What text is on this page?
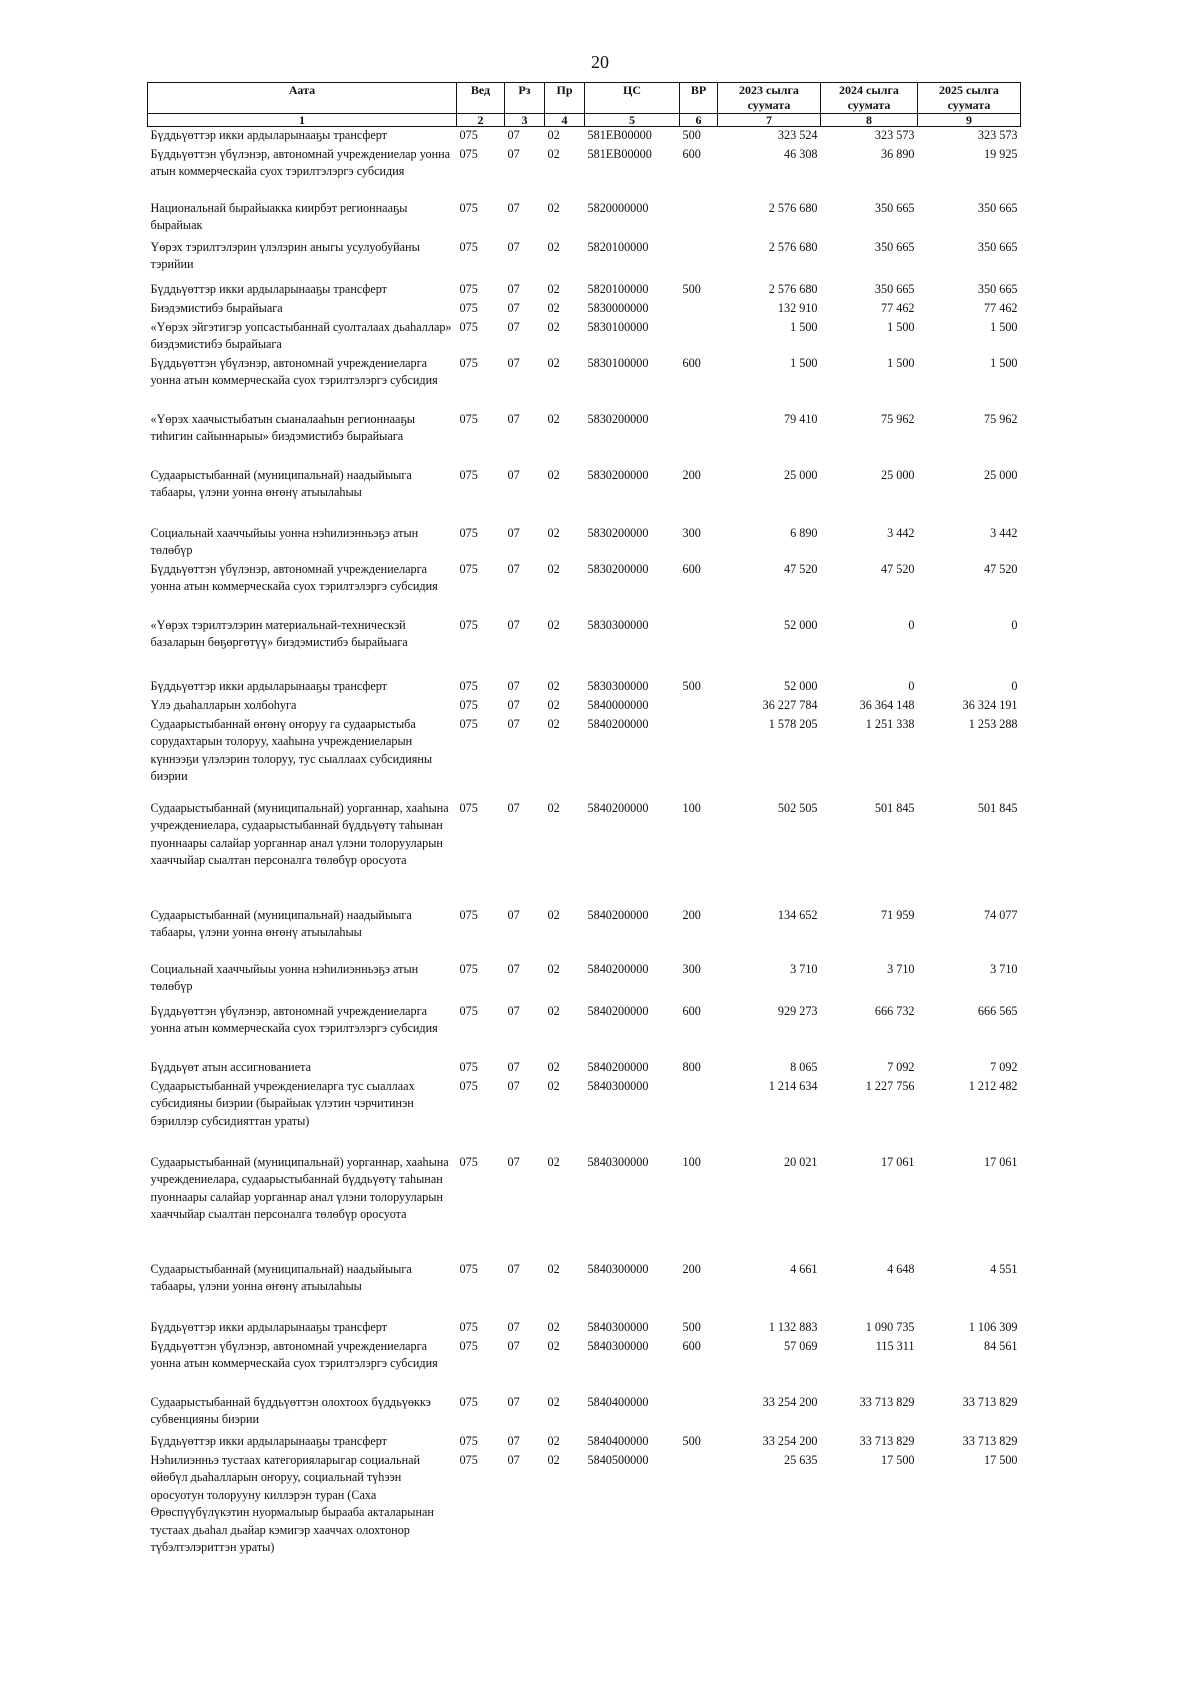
20
Аата	Вед	Рз	Пр	ЦС	ВР	2023 сылга суумата	2024 сылга суумата	2025 сылга суумата
1	2	3	4	5	6	7	8	9
Бүддьүөттэр икки ардыларынааҕы трансферт	075	07	02	581EB00000	500	323 524	323 573	323 573
Бүддьүөттэн үбүлэнэр, автономнай учреждениелар уонна атын коммерческайа суох тэрилтэлэргэ субсидия	075	07	02	581EB00000	600	46 308	36 890	19 925
Национальнай бырайыакка киирбэт регионнааҕы бырайыак	075	07	02	5820000000		2 576 680	350 665	350 665
Үөрэх тэрилтэлэрин үлэлэрин аныгы усулуобуйаны тэрийии	075	07	02	5820100000		2 576 680	350 665	350 665
Бүддьүөттэр икки ардыларынааҕы трансферт	075	07	02	5820100000	500	2 576 680	350 665	350 665
Биэдэмистибэ бырайыага	075	07	02	5830000000		132 910	77 462	77 462
«Үөрэх эйгэтигэр уопсастыбаннай суолталаах дьаһаллар» биэдэмистибэ бырайыага	075	07	02	5830100000		1 500	1 500	1 500
Бүддьүөттэн үбүлэнэр, автономнай учреждениеларга уонна атын коммерческайа суох тэрилтэлэргэ субсидия	075	07	02	5830100000	600	1 500	1 500	1 500
«Үөрэх хаачыстыбатын сыаналааһын регионнааҕы тиһигин сайыннарыы» биэдэмистибэ бырайыага	075	07	02	5830200000		79 410	75 962	75 962
Судаарыстыбаннай (муниципальнай) наадыйыыга табаары, үлэни уонна өҥөнү атыылаһыы	075	07	02	5830200000	200	25 000	25 000	25 000
Социальнай хааччыйыы уонна нэһилиэнньэҕэ атын төлөбүр	075	07	02	5830200000	300	6 890	3 442	3 442
Бүддьүөттэн үбүлэнэр, автономнай учреждениеларга уонна атын коммерческайа суох тэрилтэлэргэ субсидия	075	07	02	5830200000	600	47 520	47 520	47 520
«Үөрэх тэрилтэлэрин материальнай-техническэй базаларын бөҕөргөтүү» биэдэмистибэ бырайыага	075	07	02	5830300000		52 000	0	0
Бүддьүөттэр икки ардыларынааҕы трансферт	075	07	02	5830300000	500	52 000	0	0
Үлэ дьаһалларын холбоһуга	075	07	02	5840000000		36 227 784	36 364 148	36 324 191
Судаарыстыбаннай өҥөнү оҥоруу га судаарыстыба сорудахтарын толоруу, хааһына учреждениеларын күннээҕи үлэлэрин толоруу, тус сыаллаах субсидияны биэрии	075	07	02	5840200000		1 578 205	1 251 338	1 253 288
Судаарыстыбаннай (муниципальнай) уорганнар, хааһына учреждениелара, судаарыстыбаннай бүддьүөтү таһынан пуоннаары салайар уорганнар анал үлэни толорууларын хааччыйар сыалтан персоналга төлөбүр оросуота	075	07	02	5840200000	100	502 505	501 845	501 845
Судаарыстыбаннай (муниципальнай) наадыйыыга табаары, үлэни уонна өҥөнү атыылаһыы	075	07	02	5840200000	200	134 652	71 959	74 077
Социальнай хааччыйыы уонна нэһилиэнньэҕэ атын төлөбүр	075	07	02	5840200000	300	3 710	3 710	3 710
Бүддьүөттэн үбүлэнэр, автономнай учреждениеларга уонна атын коммерческайа суох тэрилтэлэргэ субсидия	075	07	02	5840200000	600	929 273	666 732	666 565
Бүддьүөт атын ассигнованиета	075	07	02	5840200000	800	8 065	7 092	7 092
Судаарыстыбаннай учреждениеларга тус сыаллаах субсидияны биэрии (бырайыак үлэтин чэрчитинэн бэриллэр субсидияттан ураты)	075	07	02	5840300000		1 214 634	1 227 756	1 212 482
Судаарыстыбаннай (муниципальнай) уорганнар, хааһына учреждениелара, судаарыстыбаннай бүддьүөтү таһынан пуоннаары салайар уорганнар анал үлэни толорууларын хааччыйар сыалтан персоналга төлөбүр оросуота	075	07	02	5840300000	100	20 021	17 061	17 061
Судаарыстыбаннай (муниципальнай) наадыйыыга табаары, үлэни уонна өҥөнү атыылаһыы	075	07	02	5840300000	200	4 661	4 648	4 551
Бүддьүөттэр икки ардыларынааҕы трансферт	075	07	02	5840300000	500	1 132 883	1 090 735	1 106 309
Бүддьүөттэн үбүлэнэр, автономнай учреждениеларга уонна атын коммерческайа суох тэрилтэлэргэ субсидия	075	07	02	5840300000	600	57 069	115 311	84 561
Судаарыстыбаннай бүддьүөттэн олохтоох бүддьүөккэ субвенцияны биэрии	075	07	02	5840400000		33 254 200	33 713 829	33 713 829
Бүддьүөттэр икки ардыларынааҕы трансферт	075	07	02	5840400000	500	33 254 200	33 713 829	33 713 829
Нэһилиэнньэ тустаах категорияларыгар социальнай өйөбүл дьаһалларын оҥоруу, социальнай түһээн оросуотун толорууну киллэрэн туран (Саха Өрөспүүбүлүкэтин нуормалыыр бырааба акталарынан тустаах дьаһал дьайар кэмигэр хааччах олохтонор түбэлтэлэриттэн ураты)	075	07	02	5840500000		25 635	17 500	17 500
